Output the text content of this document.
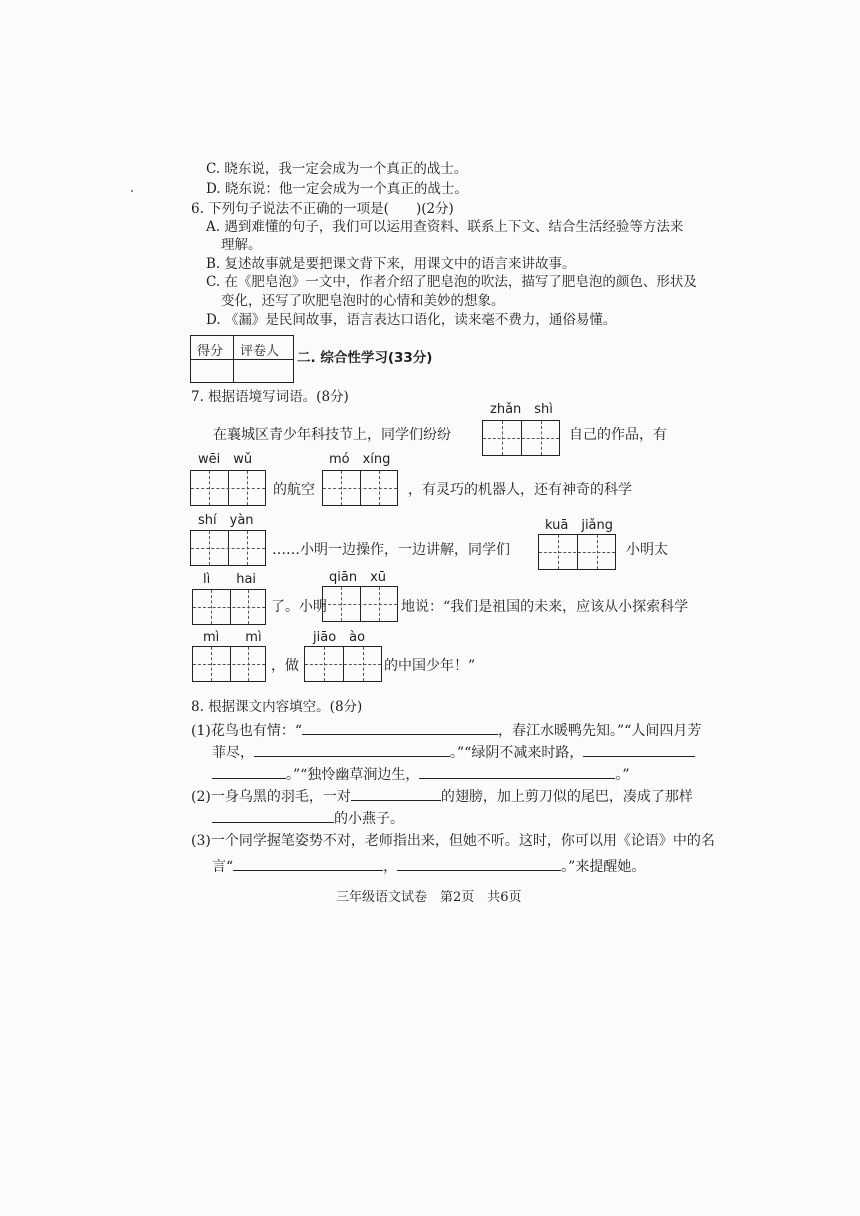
C. 晓东说，我一定会成为一个真正的战士。
D. 晓东说：他一定会成为一个真正的战士。
6. 下列句子说法不正确的一项是(　　)(2分)
A. 遇到难懂的句子，我们可以运用查资料、联系上下文、结合生活经验等方法来
理解。
B. 复述故事就是要把课文背下来，用课文中的语言来讲故事。
C. 在《肥皂泡》一文中，作者介绍了肥皂泡的吹法，描写了肥皂泡的颜色、形状及
变化，还写了吹肥皂泡时的心情和美妙的想象。
D. 《漏》是民间故事，语言表达口语化，读来毫不费力，通俗易懂。
得分 评卷人 二. 综合性学习(33分)
7. 根据语境写词语。(8分)
zhǎn　shì
在襄城区青少年科技节上，同学们纷纷	自己的作品，有
wēi　wǔ
的航空
mó　xíng
，有灵巧的机器人，还有神奇的科学
shí　yàn
……小明一边操作，一边讲解，同学们
kuā　jiǎng
小明太
lì　　hai
了。小明
qiān　xū
地说：“我们是祖国的未来，应该从小探索科学
mì　　mì
，做
jiāo　ào
的中国少年！”
8. 根据课文内容填空。(8分)
(1)花鸟也有情：“	，春江水暖鸭先知。”“人间四月芳
菲尽，	。”“绿阴不减来时路，
。”“独怜幽草涧边生，	。”
(2)一身乌黑的羽毛，一对	的翅膀，加上剪刀似的尾巴，凑成了那样
的小燕子。
(3)一个同学握笔姿势不对，老师指出来，但她不听。这时，你可以用《论语》中的名
言“	，	。”来提醒她。
三年级语文试卷　第2页　共6页
